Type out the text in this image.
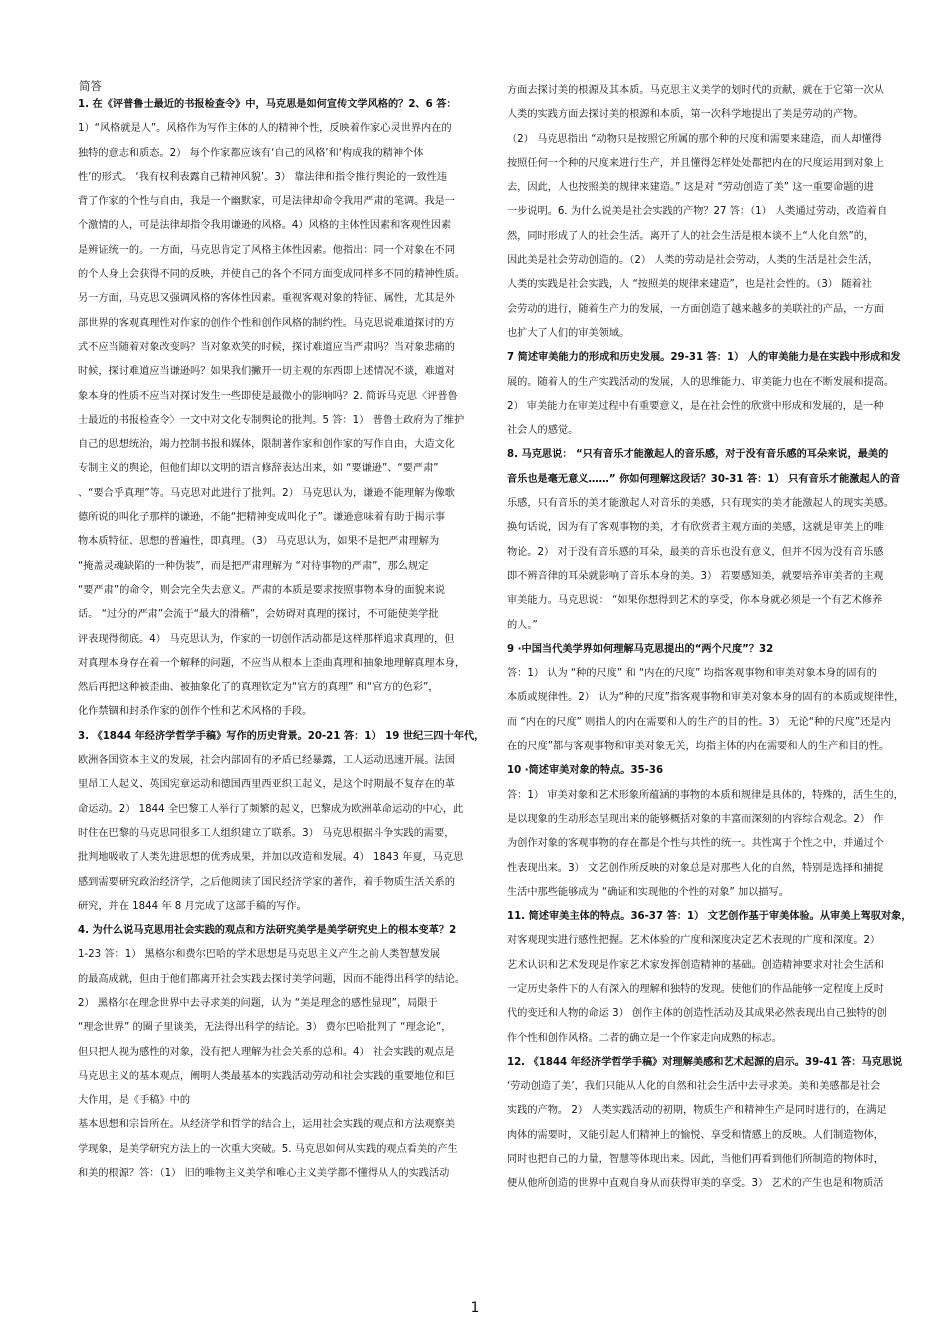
简答
1. 在《评普鲁士最近的书报检查令》中，马克思是如何宣传文学风格的？2、6 答：
1）“风格就是人”。风格作为写作主体的人的精神个性，反映着作家心灵世界内在的
独特的意志和质态。2） 每个作家都应该有‘自己的风格’和‘构成我的精神个体
性’的形式。 ‘我有权利表露自己精神风貌’。3） 靠法律和指令推行舆论的一致性违
背了作家的个性与自由，我是一个幽默家，可是法律却命令我用严肃的笔调。我是一
个激情的人，可是法律却指令我用谦逊的风格。4）风格的主体性因素和客观性因素
是辨证统一的。一方面，马克思肯定了风格主体性因素。他指出：同一个对象在不同
的个人身上会获得不同的反映，并使自己的各个不同方面变成同样多不同的精神性质。
另一方面，马克思又强调风格的客体性因素。重视客观对象的特征、属性，尤其是外
部世界的客观真理性对作家的创作个性和创作风格的制约性。马克思说难道探讨的方
式不应当随着对象改变吗？当对象欢笑的时候，探讨难道应当严肃吗？当对象悲痛的
时候，探讨难道应当谦逊吗？如果我们撇开一切主观的东西即上述情况不谈，难道对
象本身的性质不应当对探讨发生一些即使是最微小的影响吗？2. 简诉马克思〈评普鲁
士最近的书报检查令〉一文中对文化专制舆论的批判。5 答：1） 普鲁士政府为了维护
自己的思想统治，竭力控制书报和媒体，限制著作家和创作家的写作自由，大造文化
专制主义的舆论，但他们却以文明的语言修辞表达出来，如 “要谦逊”、“要严肃”
、“要合乎真理”等。马克思对此进行了批判。2） 马克思认为，谦逊不能理解为像歌
德所说的叫化子那样的谦逊，不能“把精神变成叫化子”。谦逊意味着有助于揭示事
物本质特征、思想的普遍性，即真理。（3） 马克思认为，如果不是把严肃理解为
“掩盖灵魂缺陷的一种伪装”，而是把严肃理解为 “对待事物的严肃”，那么规定
“要严肃”的命令，则会完全失去意义。严肃的本质是要求按照事物本身的面貌来说
话。 “过分的严肃”会流于“最大的滑稽”，会妨碍对真理的探讨，不可能使美学批
评表现得彻底。4） 马克思认为，作家的一切创作活动都是这样那样追求真理的，但
对真理本身存在着一个解释的问题，不应当从根本上歪曲真理和抽象地理解真理本身，
然后再把这种被歪曲、被抽象化了的真理钦定为“官方的真理” 和“官方的色彩”，
化作禁锢和封杀作家的创作个性和艺术风格的手段。
3. 《1844 年经济学哲学手稿》写作的历史背景。20-21 答：1） 19 世纪三四十年代，
欧洲各国资本主义的发展，社会内部固有的矛盾已经暴露，工人运动迅速开展。法国
里昂工人起义、英国宪章运动和德国西里西亚织工起义，是这个时期最不复存在的革
命运动。2） 1844 全巴黎工人举行了频繁的起义，巴黎成为欧洲革命运动的中心，此
时住在巴黎的马克思同很多工人组织建立了联系。3） 马克思根据斗争实践的需要，
批判地吸收了人类先进思想的优秀成果，并加以改造和发展。4） 1843 年夏，马克思
感到需要研究政治经济学，之后他阅读了国民经济学家的著作，着手物质生活关系的
研究，并在 1844 年 8 月完成了这部手稿的写作。
4. 为什么说马克思用社会实践的观点和方法研究美学是美学研究史上的根本变革？2
1-23 答：1） 黑格尔和费尔巴哈的学术思想是马克思主义产生之前人类智慧发展
的最高成就，但由于他们都离开社会实践去探讨美学问题，因而不能得出科学的结论。
2） 黑格尔在理念世界中去寻求美的问题，认为 “美是理念的感性显现”，局限于
“理念世界” 的圈子里谈美，无法得出科学的结论。3） 费尔巴哈批判了 “理念论”，
但只把人视为感性的对象，没有把人理解为社会关系的总和。4） 社会实践的观点是
马克思主义的基本观点，阐明人类最基本的实践活动劳动和社会实践的重要地位和巨
大作用，是《手稿》中的
基本思想和宗旨所在。从经济学和哲学的结合上，运用社会实践的观点和方法观察美
学现象，是美学研究方法上的一次重大突破。5. 马克思如何从实践的观点看美的产生
和美的根源？答：（1） 旧的唯物主义美学和唯心主义美学都不懂得从人的实践活动
方面去探讨美的根源及其本质。马克思主义美学的划时代的贡献，就在于它第一次从
人类的实践方面去探讨美的根源和本质，第一次科学地提出了美是劳动的产物。
（2） 马克思指出 “动物只是按照它所属的那个种的尺度和需要来建造，而人却懂得
按照任何一个种的尺度来进行生产，并且懂得怎样处处都把内在的尺度运用到对象上
去，因此，人也按照美的规律来建造。” 这是对 “劳动创造了美” 这一重要命题的进
一步说明。6. 为什么说美是社会实践的产物？27 答：（1） 人类通过劳动，改造着自
然，同时形成了人的社会生活。离开了人的社会生活是根本谈不上“人化自然”的，
因此美是社会劳动创造的。（2） 人类的劳动是社会劳动，人类的生活是社会生活，
人类的实践是社会实践，人 “按照美的规律来建造”，也是社会性的。（3） 随着社
会劳动的进行，随着生产力的发展，一方面创造了越来越多的美联社的产品，一方面
也扩大了人们的审美领域。
7 简述审美能力的形成和历史发展。29-31 答：1） 人的审美能力是在实践中形成和发
展的。随着人的生产实践活动的发展，人的思维能力、审美能力也在不断发展和提高。
2） 审美能力在审美过程中有重要意义，是在社会性的欣赏中形成和发展的，是一种
社会人的感觉。
8. 马克思说： “只有音乐才能激起人的音乐感，对于没有音乐感的耳朵来说，最美的
音乐也是毫无意义……” 你如何理解这段话？30-31 答：1） 只有音乐才能激起人的音
乐感，只有音乐的美才能激起人对音乐的美感，只有现实的美才能激起人的现实美感。
换句话说，因为有了客观事物的美，才有欣赏者主观方面的美感，这就是审美上的唯
物论。2） 对于没有音乐感的耳朵，最美的音乐也没有意义，但并不因为没有音乐感
即不辨音律的耳朵就影响了音乐本身的美。3） 若要感知美，就要培养审美者的主观
审美能力。马克思说： “如果你想得到艺术的享受，你本身就必须是一个有艺术修养
的人。”
9 ·中国当代美学界如何理解马克思提出的“两个尺度”？32
答：1） 认为 “种的尺度” 和 “内在的尺度” 均指客观事物和审美对象本身的固有的
本质或规律性。2） 认为“种的尺度”指客观事物和审美对象本身的固有的本质或规律性，
而 “内在的尺度” 则指人的内在需要和人的生产的目的性。3） 无论“种的尺度”还是内
在的尺度”都与客观事物和审美对象无关，均指主体的内在需要和人的生产和目的性。
10 ·简述审美对象的特点。35-36
答：1） 审美对象和艺术形象所蕴涵的事物的本质和规律是具体的，特殊的，活生生的，
是以现象的生动形态呈现出来的能够概括对象的丰富而深刻的内容综合观念。2） 作
为创作对象的客观事物的存在都是个性与共性的统一。共性寓于个性之中，并通过个
性表现出来。3） 文艺创作所反映的对象总是对那些人化的自然，特别是选择和捕捉
生活中那些能够成为 “确证和实现他的个性的对象” 加以描写。
11. 简述审美主体的特点。36-37 答：1） 文艺创作基于审美体验。从审美上驾驭对象，
对客观现实进行感性把握。艺术体验的广度和深度决定艺术表现的广度和深度。2）
艺术认识和艺术发现是作家艺术家发挥创造精神的基础。创造精神要求对社会生活和
一定历史条件下的人有深入的理解和独特的发现。使他们的作品能够一定程度上反时
代的变迁和人物的命运 3） 创作主体的创造性活动及其成果必然表现出自己独特的创
作个性和创作风格。二者的确立是一个作家走向成熟的标志。
12. 《1844 年经济学哲学手稿》对理解美感和艺术起源的启示。39-41 答：马克思说
‘劳动创造了美’，我们只能从人化的自然和社会生活中去寻求美。美和美感都是社会
实践的产物。 2） 人类实践活动的初期，物质生产和精神生产是同时进行的，在满足
肉体的需要时，又能引起人们精神上的愉悦、享受和情感上的反映。人们制造物体，
同时也把自己的力量，智慧等体现出来。因此，当他们再看到他们所制造的物体时，
便从他所创造的世界中直观自身从而获得审美的享受。3） 艺术的产生也是和物质活
1
